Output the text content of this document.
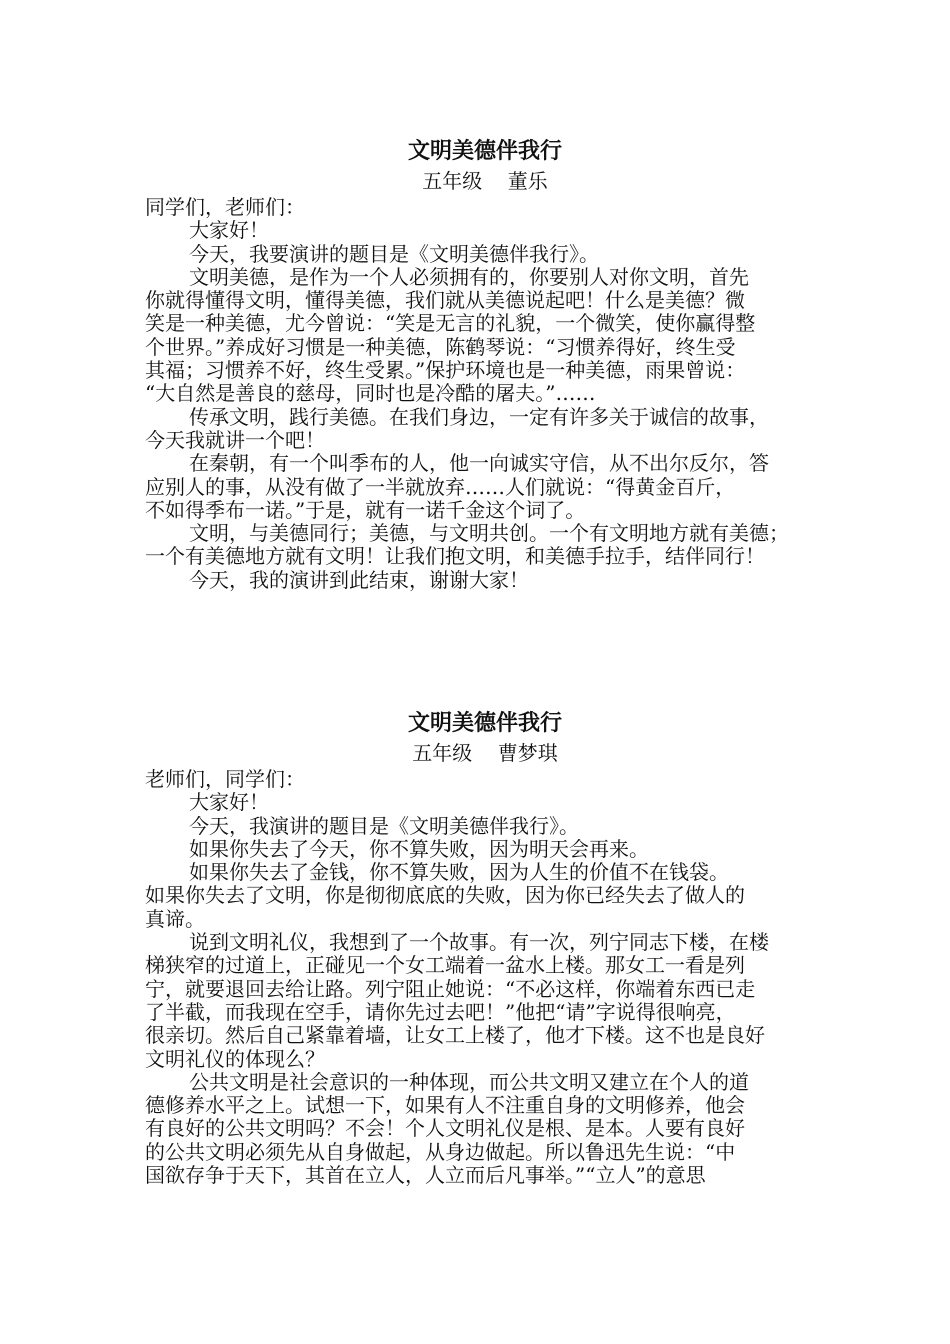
文明美德伴我行
五年级    董乐
同学们，老师们：
大家好！
今天，我要演讲的题目是《文明美德伴我行》。
文明美德，是作为一个人必须拥有的，你要别人对你文明，首先
你就得懂得文明，懂得美德，我们就从美德说起吧！什么是美德？微
笑是一种美德，尤今曾说：“笑是无言的礼貌，一个微笑，使你赢得整
个世界。”养成好习惯是一种美德，陈鹤琴说：“习惯养得好，终生受
其福；习惯养不好，终生受累。”保护环境也是一种美德，雨果曾说：
“大自然是善良的慈母，同时也是冷酷的屠夫。”……
传承文明，践行美德。在我们身边，一定有许多关于诚信的故事，
今天我就讲一个吧！
在秦朝，有一个叫季布的人，他一向诚实守信，从不出尔反尔，答
应别人的事，从没有做了一半就放弃……人们就说：“得黄金百斤，
不如得季布一诺。”于是，就有一诺千金这个词了。
文明，与美德同行；美德，与文明共创。一个有文明地方就有美德；
一个有美德地方就有文明！让我们抱文明，和美德手拉手，结伴同行！
今天，我的演讲到此结束，谢谢大家！
文明美德伴我行
五年级    曹梦琪
老师们，同学们：
大家好！
今天，我演讲的题目是《文明美德伴我行》。
如果你失去了今天，你不算失败，因为明天会再来。
如果你失去了金钱，你不算失败，因为人生的价值不在钱袋。
如果你失去了文明，你是彻彻底底的失败，因为你已经失去了做人的
真谛。
说到文明礼仪，我想到了一个故事。有一次，列宁同志下楼，在楼
梯狭窄的过道上，正碰见一个女工端着一盆水上楼。那女工一看是列
宁，就要退回去给让路。列宁阻止她说：“不必这样，你端着东西已走
了半截，而我现在空手，请你先过去吧！”他把“请”字说得很响亮，
很亲切。然后自己紧靠着墙，让女工上楼了，他才下楼。这不也是良好
文明礼仪的体现么？
公共文明是社会意识的一种体现，而公共文明又建立在个人的道
德修养水平之上。试想一下，如果有人不注重自身的文明修养，他会
有良好的公共文明吗？不会！个人文明礼仪是根、是本。人要有良好
的公共文明必须先从自身做起，从身边做起。所以鲁迅先生说：“中
国欲存争于天下，其首在立人，人立而后凡事举。”“立人”的意思
